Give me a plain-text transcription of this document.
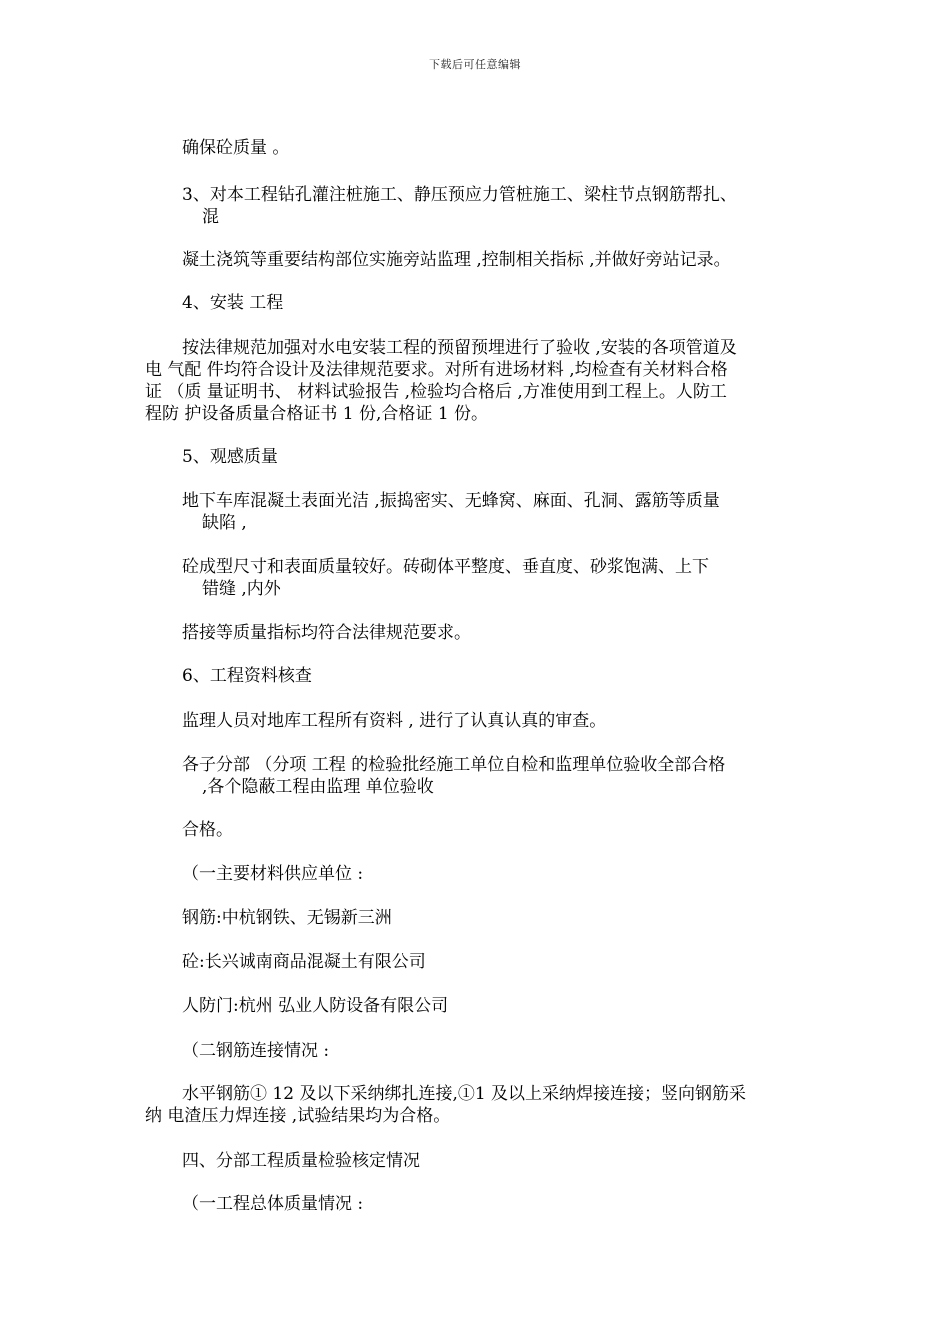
下载后可任意编辑
确保砼质量 。
3、对本工程钻孔灌注桩施工、静压预应力管桩施工、梁柱节点钢筋帮扎、
混
凝土浇筑等重要结构部位实施旁站监理 ,控制相关指标 ,并做好旁站记录。
4、安装 工程
按法律规范加强对水电安装工程的预留预埋进行了验收 ,安装的各项管道及
电 气配 件均符合设计及法律规范要求。对所有进场材料 ,均检查有关材料合格
证 （质 量证明书、 材料试验报告 ,检验均合格后 ,方准使用到工程上。人防工
程防 护设备质量合格证书 1 份,合格证 1 份。
5、观感质量
地下车库混凝土表面光洁 ,振捣密实、无蜂窝、麻面、孔洞、露筋等质量
缺陷 ,
砼成型尺寸和表面质量较好。砖砌体平整度、垂直度、砂浆饱满、上下
错缝 ,内外
搭接等质量指标均符合法律规范要求。
6、工程资料核查
监理人员对地库工程所有资料 , 进行了认真认真的审查。
各子分部 （分项 工程 的检验批经施工单位自检和监理单位验收全部合格
,各个隐蔽工程由监理 单位验收
合格。
（一主要材料供应单位 :
钢筋:中杭钢铁、无锡新三洲
砼:长兴诚南商品混凝土有限公司
人防门:杭州 弘业人防设备有限公司
（二钢筋连接情况 :
水平钢筋① 12 及以下采纳绑扎连接,①1 及以上采纳焊接连接；竖向钢筋采
纳 电渣压力焊连接 ,试验结果均为合格。
四、分部工程质量检验核定情况
（一工程总体质量情况 :
